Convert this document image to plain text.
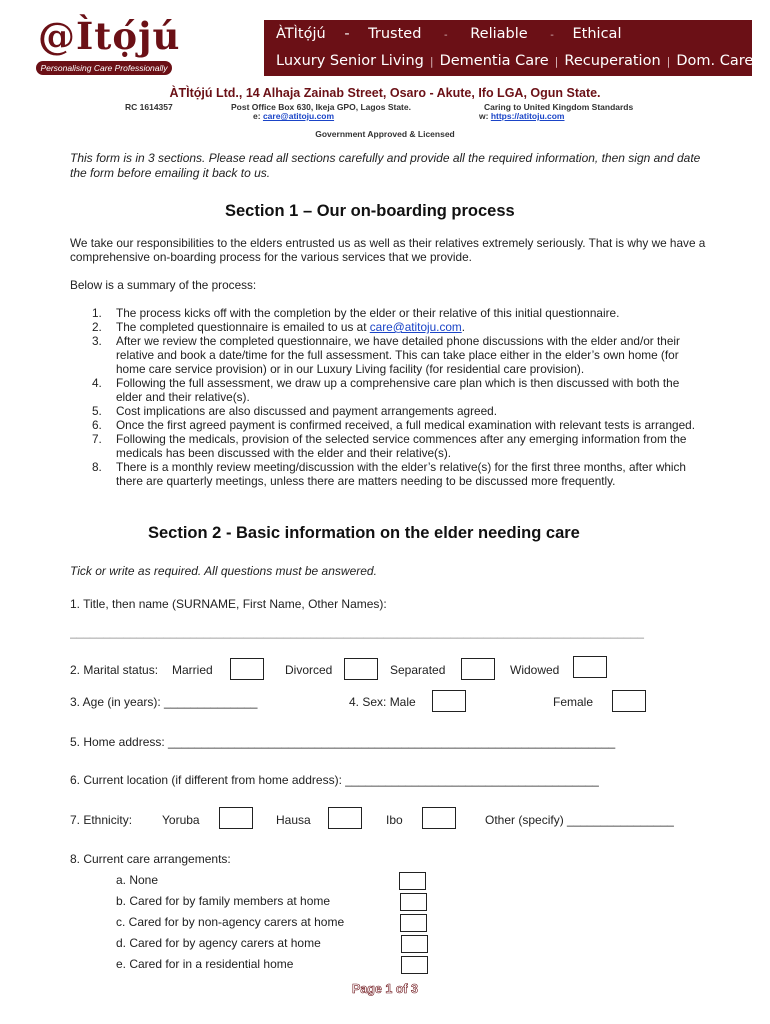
@Ìtọ́jú
Personalising Care Professionally
ÀTÌtọ́jú - Trusted - Reliable - Ethical
Luxury Senior Living | Dementia Care | Recuperation | Dom. Care
ÀTÌtọ́jú Ltd., 14 Alhaja Zainab Street, Osaro - Akute, Ifo LGA, Ogun State.
RC 1614357	Post Office Box 630, Ikeja GPO, Lagos State.	Caring to United Kingdom Standards
e: care@atitoju.com	w: https://atitoju.com
Government Approved & Licensed
This form is in 3 sections. Please read all sections carefully and provide all the required information, then sign and date the form before emailing it back to us.
Section 1 – Our on-boarding process
We take our responsibilities to the elders entrusted us as well as their relatives extremely seriously. That is why we have a comprehensive on-boarding process for the various services that we provide.
Below is a summary of the process:
1. The process kicks off with the completion by the elder or their relative of this initial questionnaire.
2. The completed questionnaire is emailed to us at care@atitoju.com.
3. After we review the completed questionnaire, we have detailed phone discussions with the elder and/or their relative and book a date/time for the full assessment. This can take place either in the elder’s own home (for home care service provision) or in our Luxury Living facility (for residential care provision).
4. Following the full assessment, we draw up a comprehensive care plan which is then discussed with both the elder and their relative(s).
5. Cost implications are also discussed and payment arrangements agreed.
6. Once the first agreed payment is confirmed received, a full medical examination with relevant tests is arranged.
7. Following the medicals, provision of the selected service commences after any emerging information from the medicals has been discussed with the elder and their relative(s).
8. There is a monthly review meeting/discussion with the elder’s relative(s) for the first three months, after which there are quarterly meetings, unless there are matters needing to be discussed more frequently.
Section 2 - Basic information on the elder needing care
Tick or write as required. All questions must be answered.
1. Title, then name (SURNAME, First Name, Other Names):
______________________________________________________________________________________
2. Marital status: Married	Divorced	Separated	Widowed
3. Age (in years): ______________	4. Sex: Male	Female
5. Home address: ___________________________________________________________________
6. Current location (if different from home address): ______________________________________
7. Ethnicity: Yoruba	Hausa	Ibo	Other (specify) ________________
8. Current care arrangements:
a. None
b. Cared for by family members at home
c. Cared for by non-agency carers at home
d. Cared for by agency carers at home
e. Cared for in a residential home
Page 1 of 3
